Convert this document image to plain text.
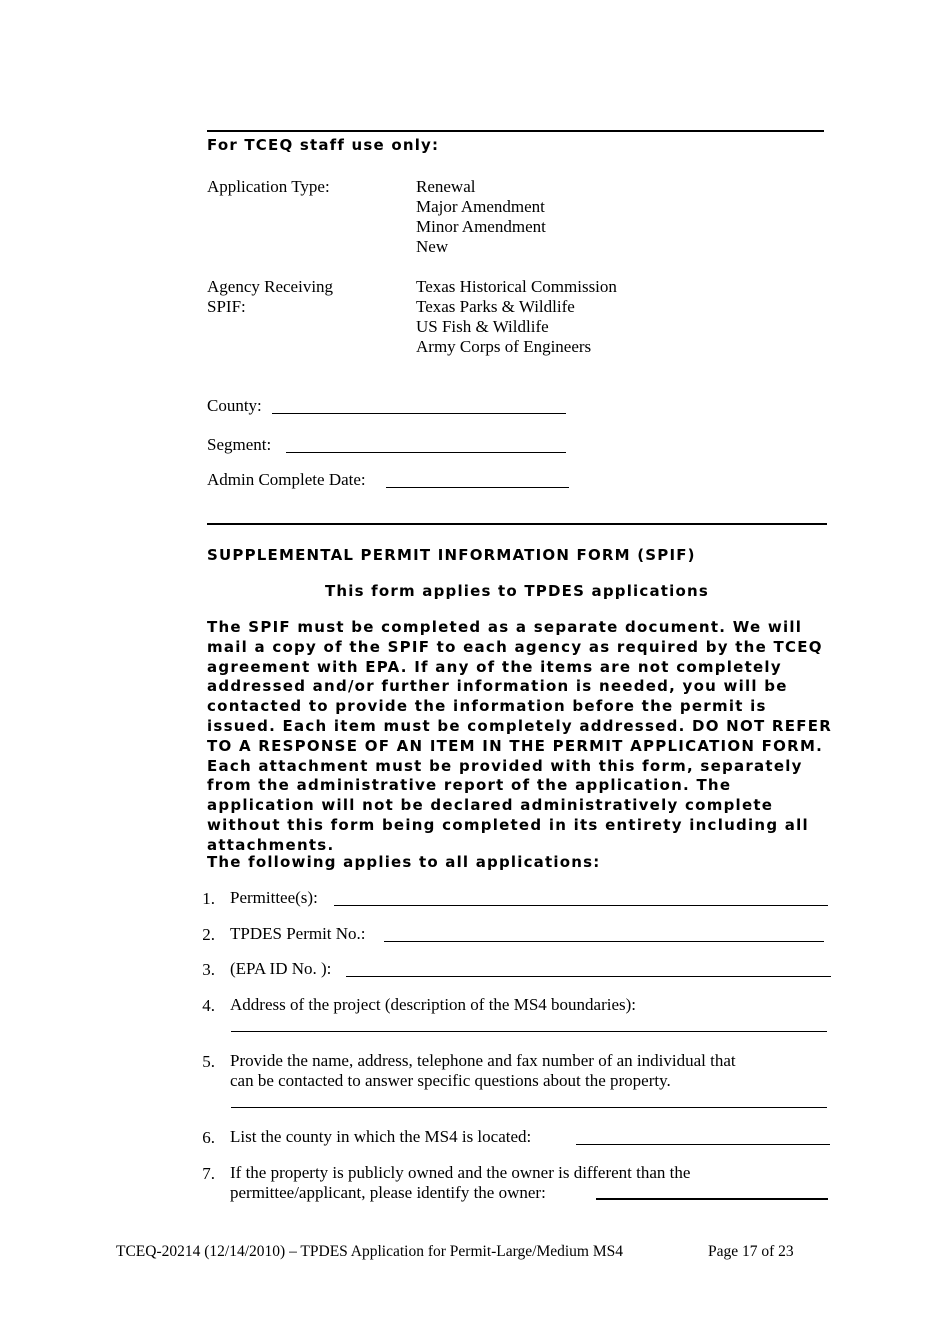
For TCEQ staff use only:
Application Type:	Renewal
Major Amendment
Minor Amendment
New
Agency Receiving
SPIF:
Texas Historical Commission
Texas Parks & Wildlife
US Fish & Wildlife
Army Corps of Engineers
County:
Segment:
Admin Complete Date:
SUPPLEMENTAL PERMIT INFORMATION FORM (SPIF)
This form applies to TPDES applications
The SPIF must be completed as a separate document. We will mail a copy of the SPIF to each agency as required by the TCEQ agreement with EPA. If any of the items are not completely addressed and/or further information is needed, you will be contacted to provide the information before the permit is issued. Each item must be completely addressed. DO NOT REFER TO A RESPONSE OF AN ITEM IN THE PERMIT APPLICATION FORM. Each attachment must be provided with this form, separately from the administrative report of the application. The application will not be declared administratively complete without this form being completed in its entirety including all attachments.
The following applies to all applications:
1. Permittee(s):
2. TPDES Permit No.:
3. (EPA ID No. ):
4. Address of the project (description of the MS4 boundaries):
5. Provide the name, address, telephone and fax number of an individual that
can be contacted to answer specific questions about the property.
6. List the county in which the MS4 is located:
7. If the property is publicly owned and the owner is different than the
permittee/applicant, please identify the owner:
TCEQ-20214 (12/14/2010) – TPDES Application for Permit-Large/Medium MS4	Page 17 of 23
